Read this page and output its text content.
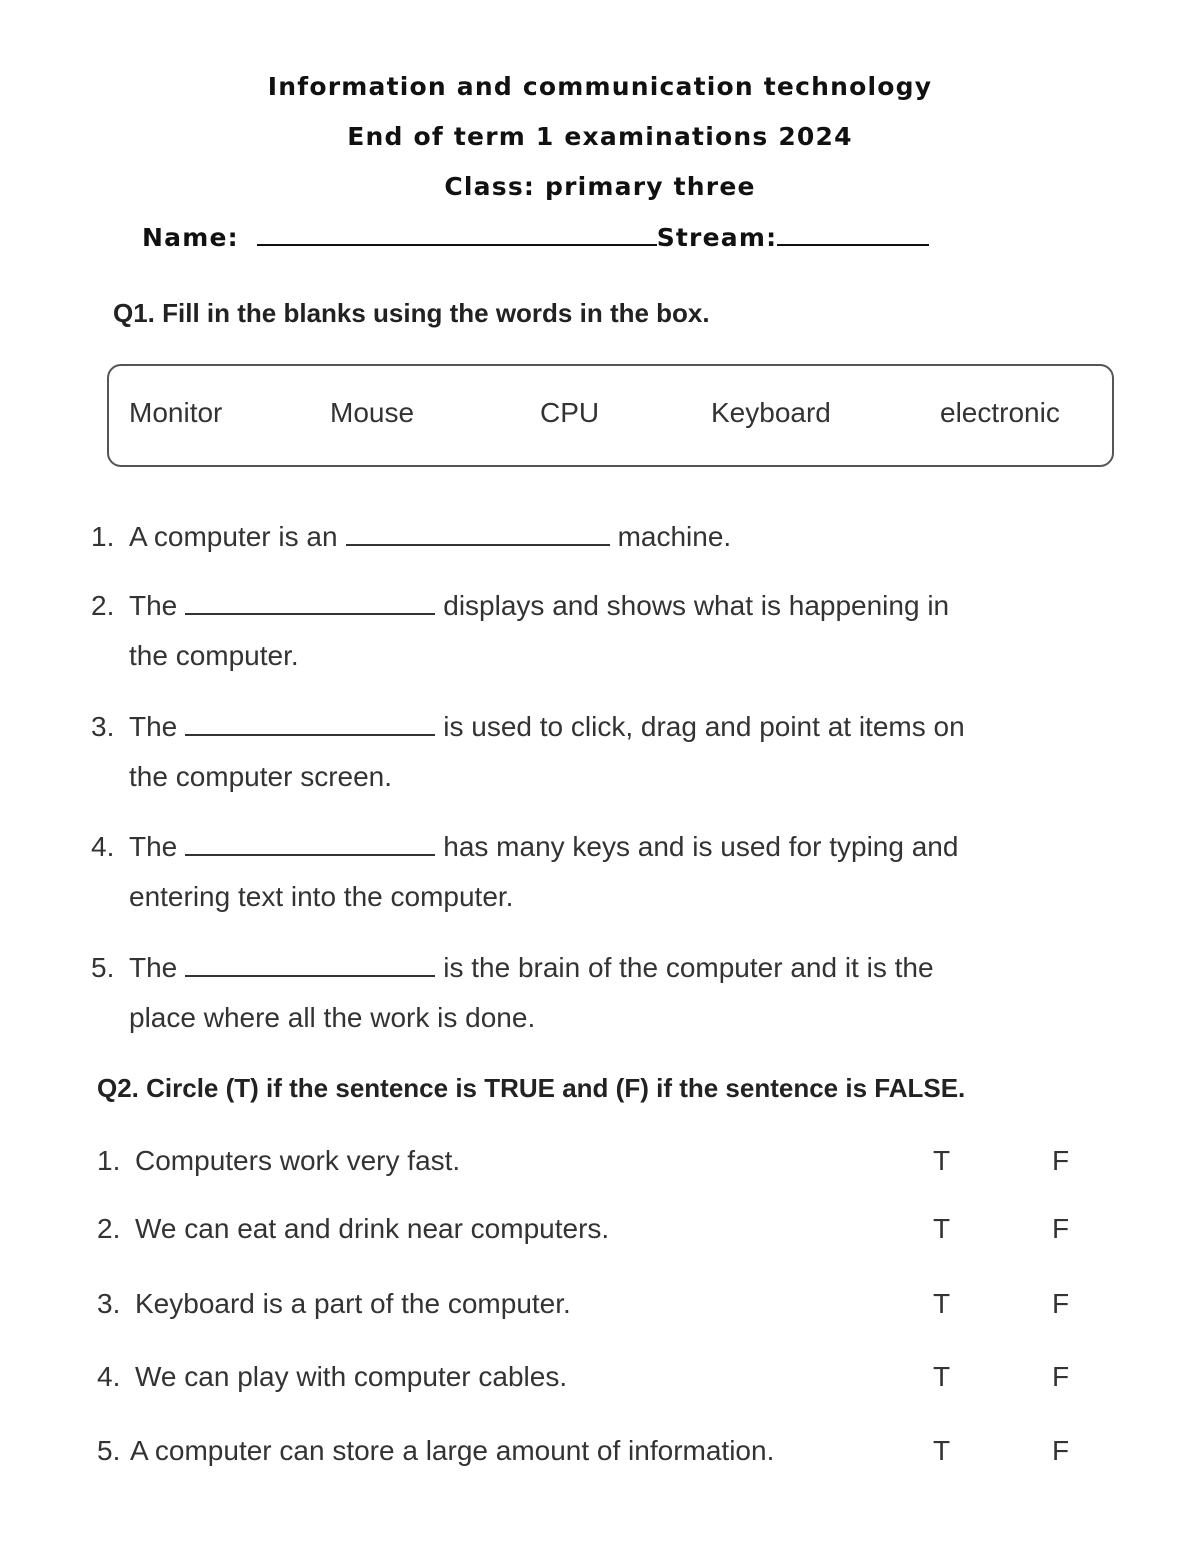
Information and communication technology
End of term 1 examinations 2024
Class: primary three
Name:	Stream:
Q1. Fill in the blanks using the words in the box.
Monitor	Mouse	CPU	Keyboard	electronic
1. A computer is an	machine.
2. The	displays and shows what is happening in
the computer.
3. The	is used to click, drag and point at items on
the computer screen.
4. The	has many keys and is used for typing and
entering text into the computer.
5. The	is the brain of the computer and it is the
place where all the work is done.
Q2. Circle (T) if the sentence is TRUE and (F) if the sentence is FALSE.
1. Computers work very fast.	T	F
2. We can eat and drink near computers.	T	F
3. Keyboard is a part of the computer.	T	F
4. We can play with computer cables.	T	F
5. A computer can store a large amount of information.	T	F
